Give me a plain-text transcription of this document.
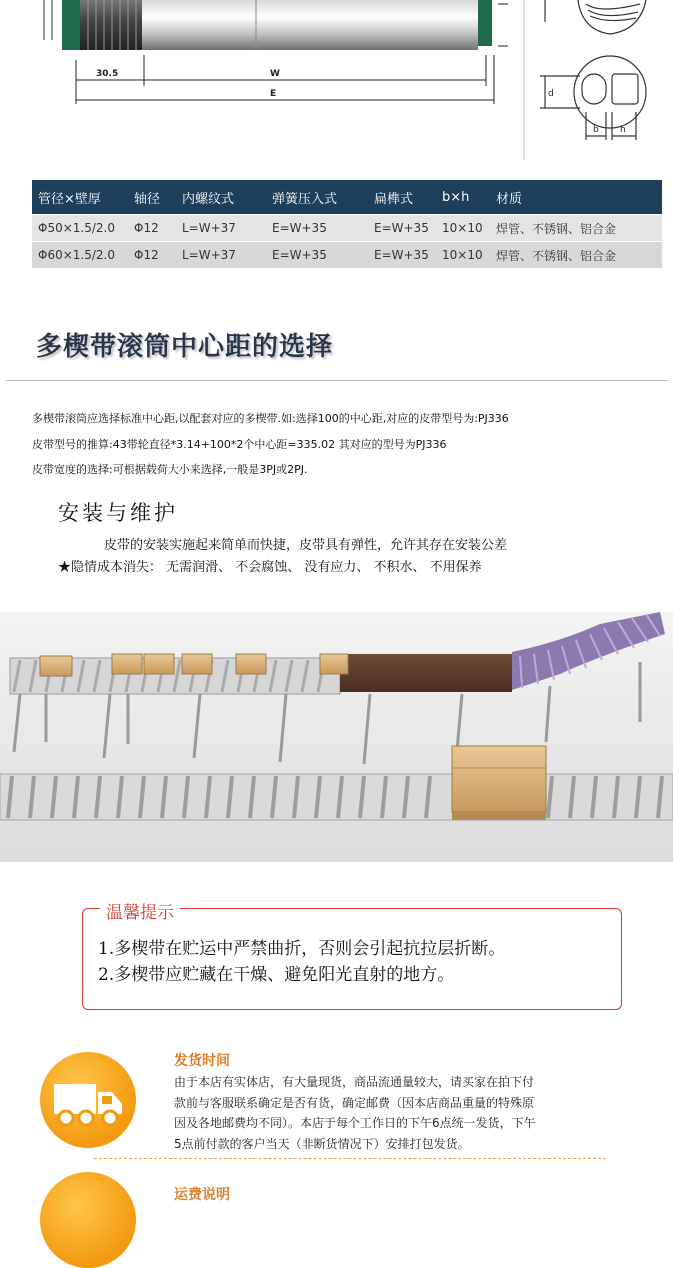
30.5	W
E	d
b h
管径×壁厚	轴径	内螺纹式	弹簧压入式	扁榫式	b×h	材质
Φ50×1.5/2.0	Φ12	L=W+37	E=W+35	E=W+35	10×10	焊管、不锈钢、铝合金
Φ60×1.5/2.0	Φ12	L=W+37	E=W+35	E=W+35	10×10	焊管、不锈钢、铝合金
多楔带滚筒中心距的选择
多楔带滚筒应选择标准中心距,以配套对应的多楔带.如:选择100的中心距,对应的皮带型号为:PJ336
皮带型号的推算:43带轮直径*3.14+100*2个中心距=335.02 其对应的型号为PJ336
皮带宽度的选择:可根据载荷大小来选择,一般是3PJ或2PJ.
安装与维护
皮带的安装实施起来简单而快捷，皮带具有弹性，允许其存在安装公差
★隐情成本消失： 无需润滑、 不会腐蚀、 没有应力、 不积水、 不用保养
温馨提示
1.多楔带在贮运中严禁曲折，否则会引起抗拉层折断。
2.多楔带应贮藏在干燥、避免阳光直射的地方。
发货时间
由于本店有实体店，有大量现货，商品流通量较大，请买家在拍下付
款前与客服联系确定是否有货，确定邮费（因本店商品重量的特殊原
因及各地邮费均不同）。本店于每个工作日的下午6点统一发货，下午
5点前付款的客户当天（非断货情况下）安排打包发货。
运费说明
